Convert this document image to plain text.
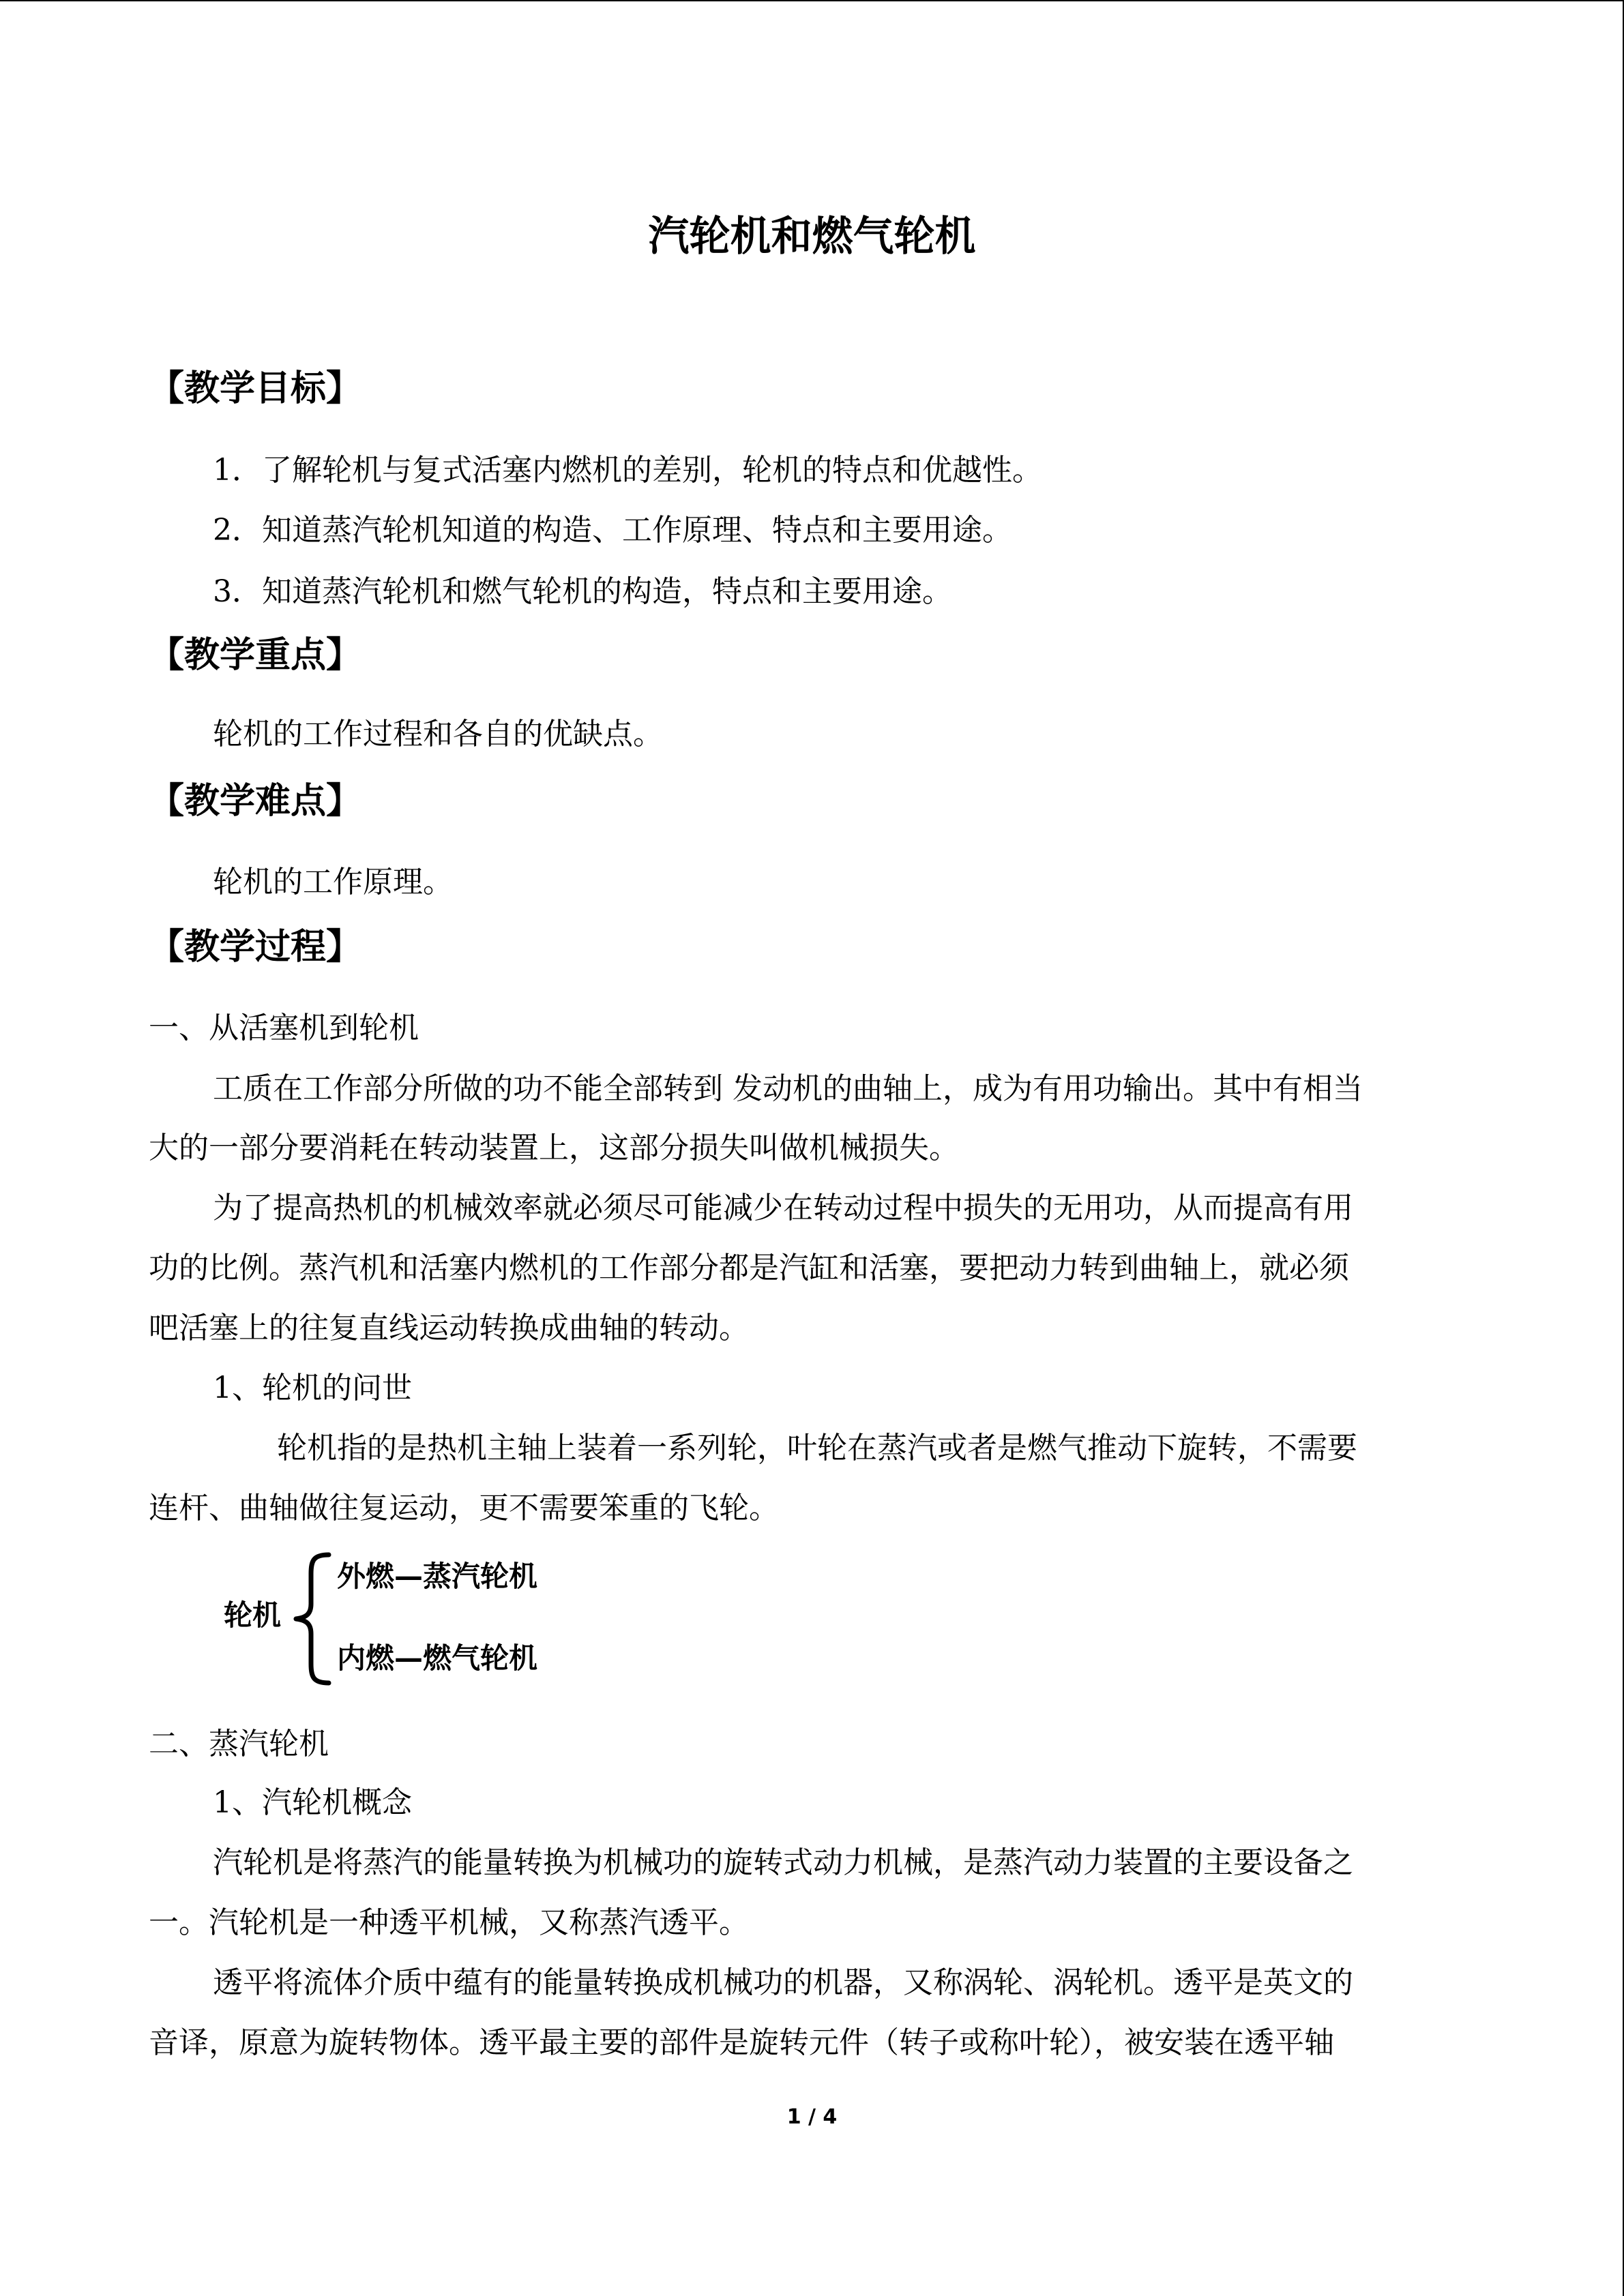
汽轮机和燃气轮机
【教学目标】
1．了解轮机与复式活塞内燃机的差别，轮机的特点和优越性。
2．知道蒸汽轮机知道的构造、工作原理、特点和主要用途。
3．知道蒸汽轮机和燃气轮机的构造，特点和主要用途。
【教学重点】
轮机的工作过程和各自的优缺点。
【教学难点】
轮机的工作原理。
【教学过程】
一、从活塞机到轮机
工质在工作部分所做的功不能全部转到 发动机的曲轴上，成为有用功输出。其中有相当
大的一部分要消耗在转动装置上，这部分损失叫做机械损失。
为了提高热机的机械效率就必须尽可能减少在转动过程中损失的无用功，从而提高有用
功的比例。蒸汽机和活塞内燃机的工作部分都是汽缸和活塞，要把动力转到曲轴上，就必须
吧活塞上的往复直线运动转换成曲轴的转动。
1、轮机的问世
轮机指的是热机主轴上装着一系列轮，叶轮在蒸汽或者是燃气推动下旋转，不需要
连杆、曲轴做往复运动，更不需要笨重的飞轮。
轮机
外燃—蒸汽轮机
内燃—燃气轮机
二、蒸汽轮机
1、汽轮机概念
汽轮机是将蒸汽的能量转换为机械功的旋转式动力机械，是蒸汽动力装置的主要设备之
一。汽轮机是一种透平机械，又称蒸汽透平。
透平将流体介质中蕴有的能量转换成机械功的机器，又称涡轮、涡轮机。透平是英文的
音译，原意为旋转物体。透平最主要的部件是旋转元件（转子或称叶轮），被安装在透平轴
1 / 4
